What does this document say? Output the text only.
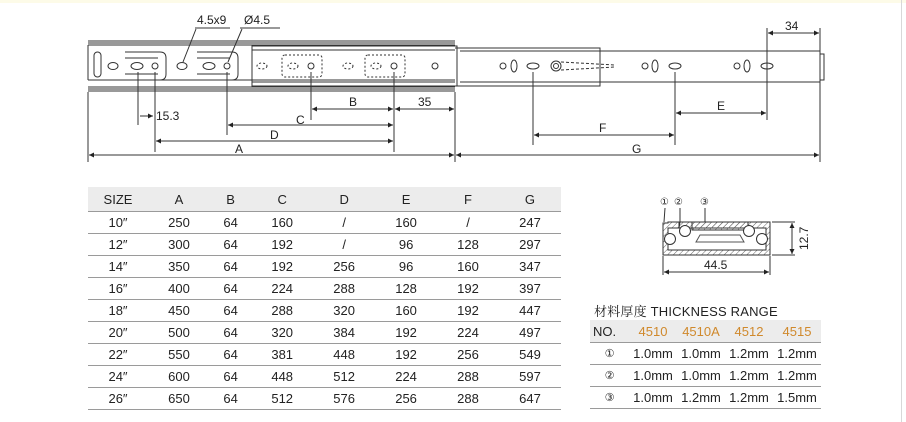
4.5x9 Ø4.5
15.3
B	35
C
D
A	G
F
E
34
① ② ③
44.5
12.7
SIZE	A	B	C	D	E	F	G
10″	250	64	160	/	160	/	247
12″	300	64	192	/	96	128	297
14″	350	64	192	256	96	160	347
16″	400	64	224	288	128	192	397
18″	450	64	288	320	160	192	447
20″	500	64	320	384	192	224	497
22″	550	64	381	448	192	256	549
24″	600	64	448	512	224	288	597
26″	650	64	512	576	256	288	647
材料厚度 THICKNESS RANGE
NO.	4510	4510A	4512	4515
①	1.0mm	1.0mm	1.2mm	1.2mm
②	1.0mm	1.0mm	1.2mm	1.2mm
③	1.0mm	1.2mm	1.2mm	1.5mm
